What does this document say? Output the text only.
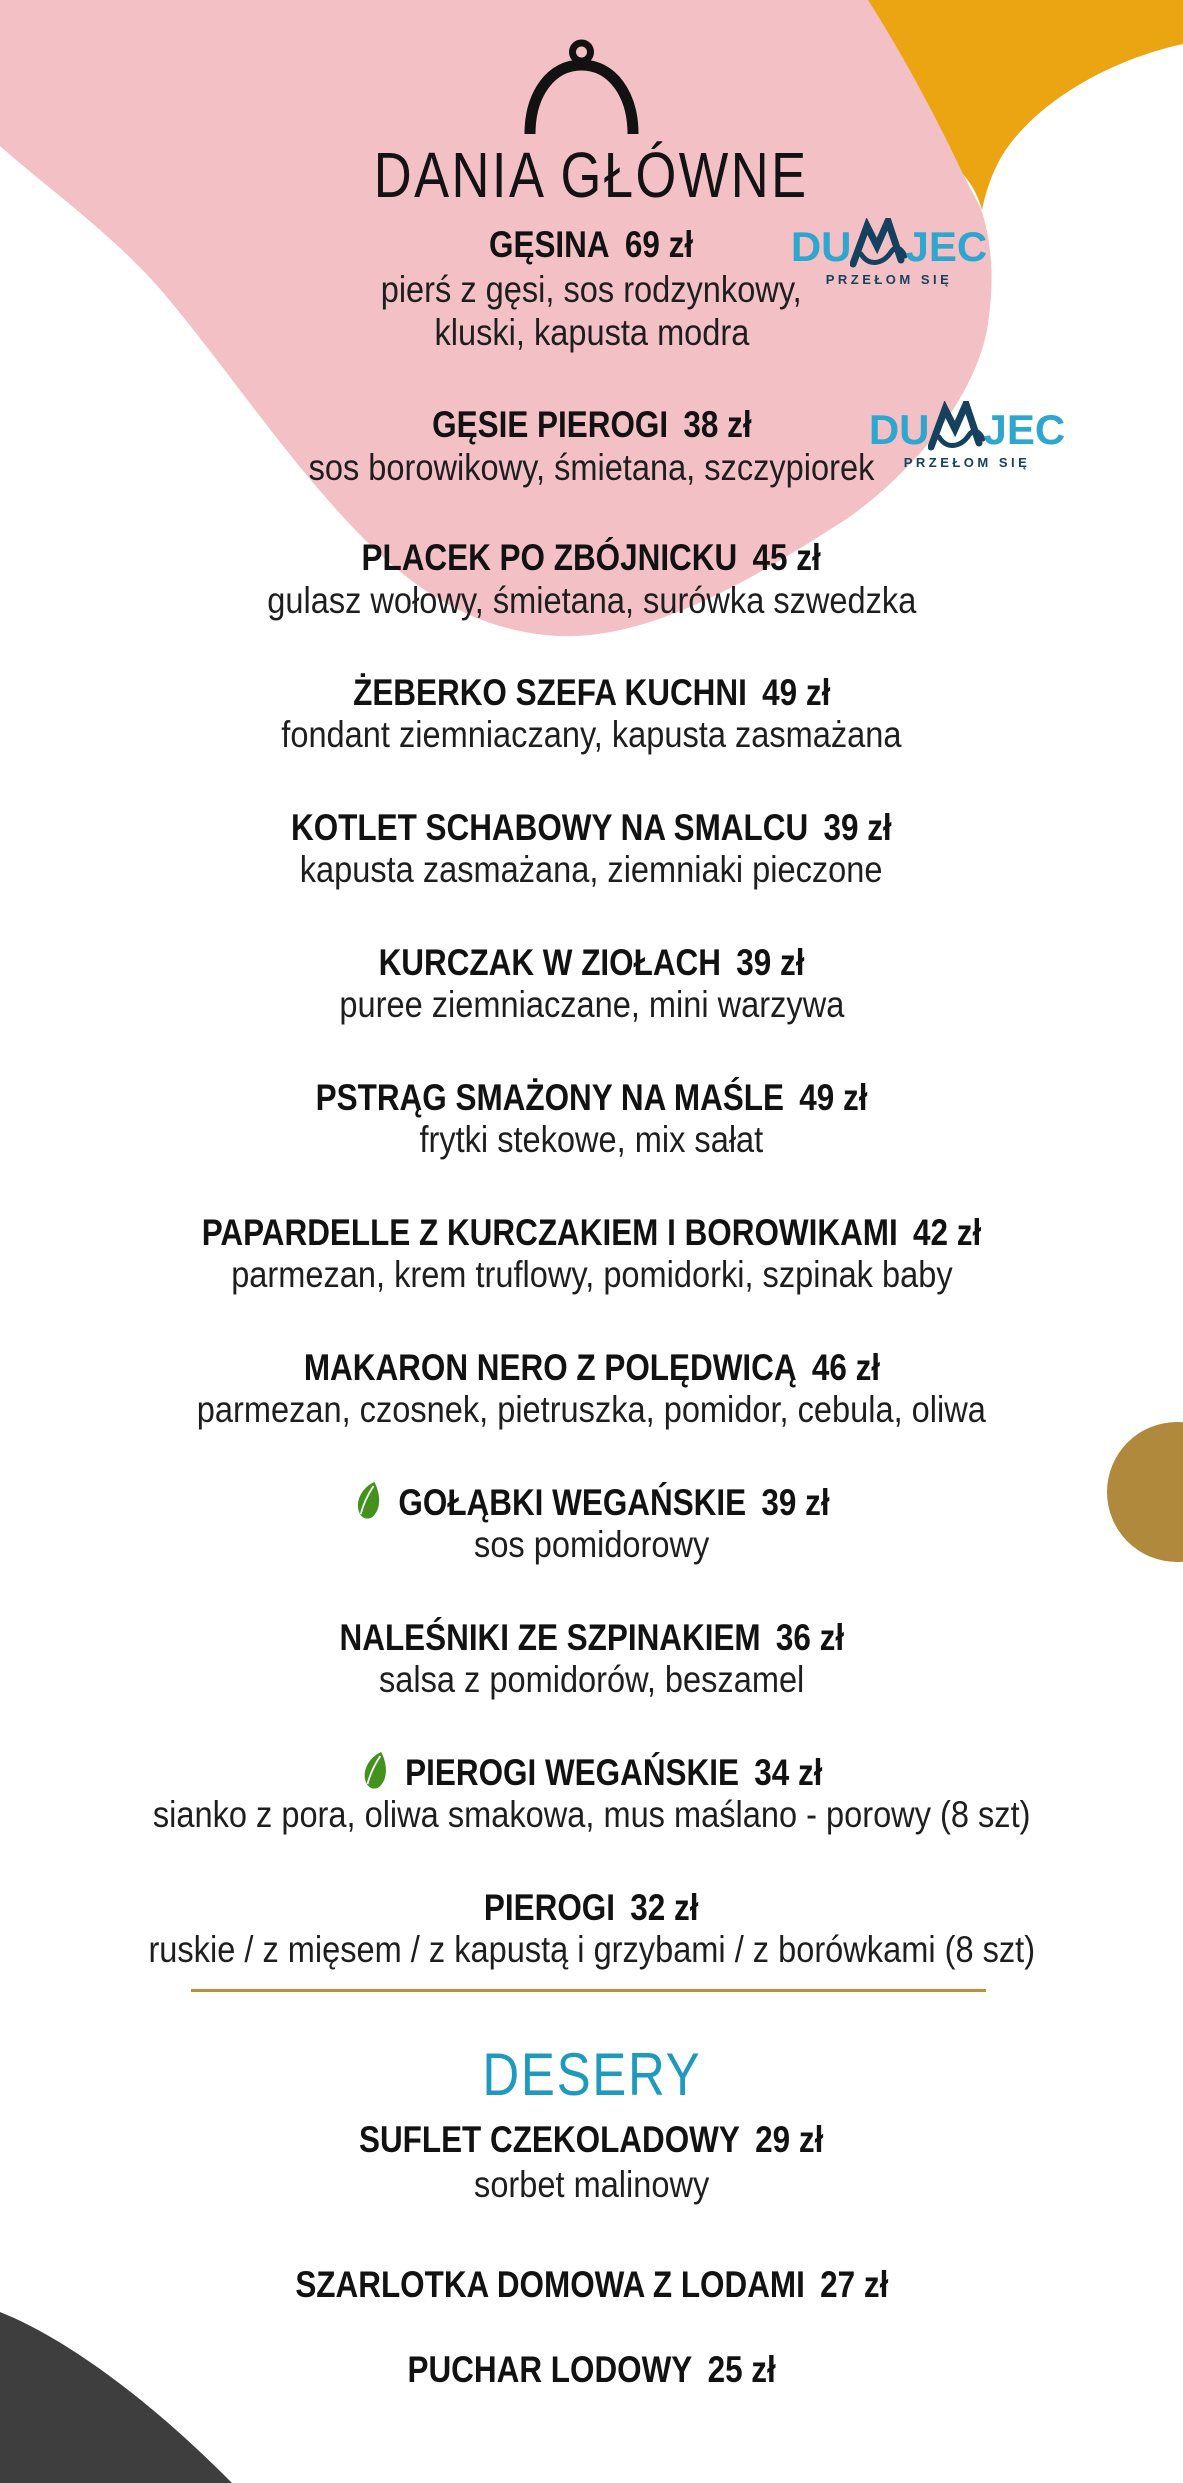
DANIA GŁÓWNE
DU JEC
PRZEŁOM SIĘ
DU JEC
PRZEŁOM SIĘ
GĘSINA 69 zł
pierś z gęsi, sos rodzynkowy,
kluski, kapusta modra
GĘSIE PIEROGI 38 zł
sos borowikowy, śmietana, szczypiorek
PLACEK PO ZBÓJNICKU 45 zł
gulasz wołowy, śmietana, surówka szwedzka
ŻEBERKO SZEFA KUCHNI 49 zł
fondant ziemniaczany, kapusta zasmażana
KOTLET SCHABOWY NA SMALCU 39 zł
kapusta zasmażana, ziemniaki pieczone
KURCZAK W ZIOŁACH 39 zł
puree ziemniaczane, mini warzywa
PSTRĄG SMAŻONY NA MAŚLE 49 zł
frytki stekowe, mix sałat
PAPARDELLE Z KURCZAKIEM I BOROWIKAMI 42 zł
parmezan, krem truflowy, pomidorki, szpinak baby
MAKARON NERO Z POLĘDWICĄ 46 zł
parmezan, czosnek, pietruszka, pomidor, cebula, oliwa
GOŁĄBKI WEGAŃSKIE 39 zł
sos pomidorowy
NALEŚNIKI ZE SZPINAKIEM 36 zł
salsa z pomidorów, beszamel
PIEROGI WEGAŃSKIE 34 zł
sianko z pora, oliwa smakowa, mus maślano - porowy (8 szt)
PIEROGI 32 zł
ruskie / z mięsem / z kapustą i grzybami / z borówkami (8 szt)
DESERY
SUFLET CZEKOLADOWY 29 zł
sorbet malinowy
SZARLOTKA DOMOWA Z LODAMI 27 zł
PUCHAR LODOWY 25 zł
